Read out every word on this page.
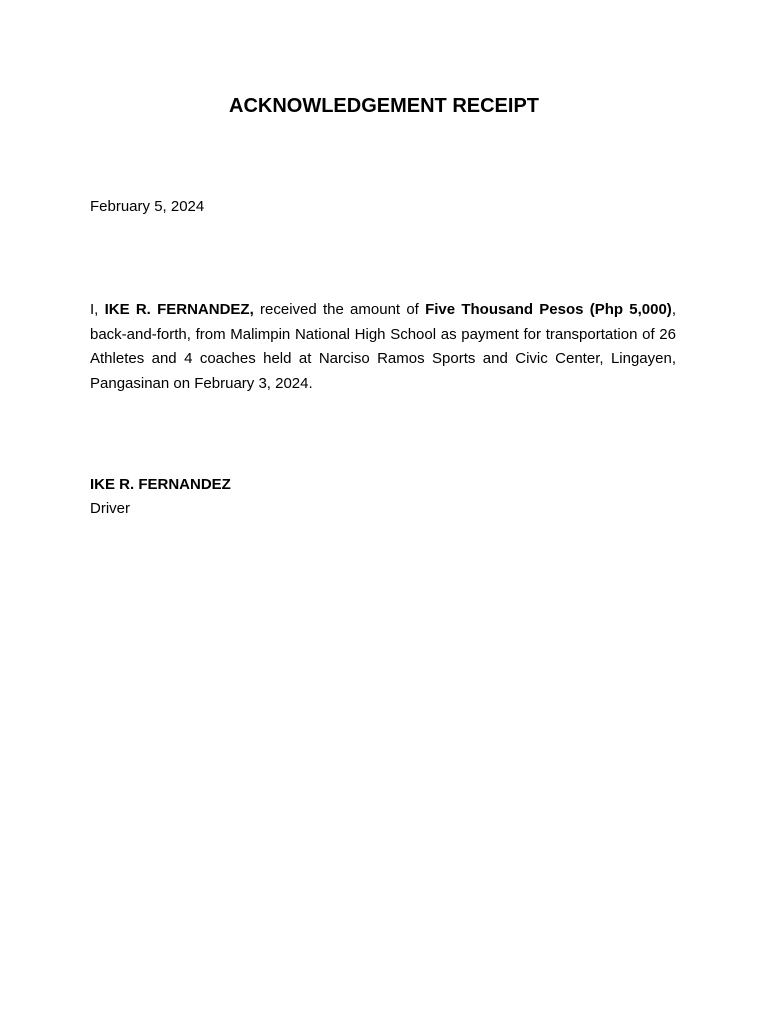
ACKNOWLEDGEMENT RECEIPT
February 5, 2024

I, IKE R. FERNANDEZ, received the amount of Five Thousand Pesos (Php 5,000), back-and-forth, from Malimpin National High School as payment for transportation of 26 Athletes and 4 coaches held at Narciso Ramos Sports and Civic Center, Lingayen, Pangasinan on February 3, 2024.

IKE R. FERNANDEZ
Driver
